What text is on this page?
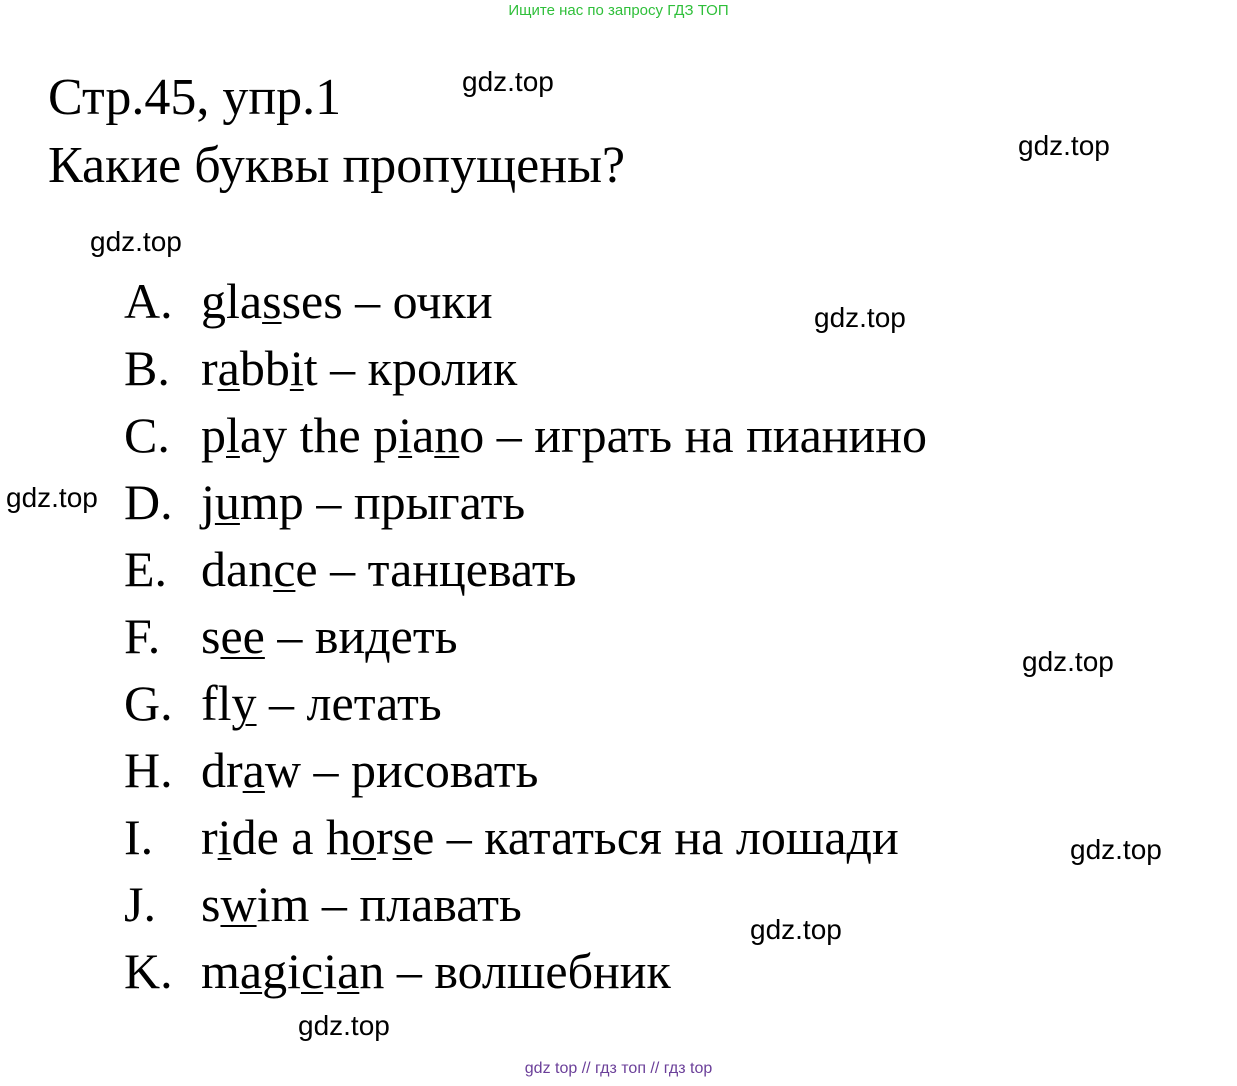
Ищите нас по запросу ГДЗ ТОП
Стр.45, упр.1
Какие буквы пропущены?
A. glasses – очки
B. rabbit – кролик
C. play the piano – играть на пианино
D. jump – прыгать
E. dance – танцевать
F. see – видеть
G. fly – летать
H. draw – рисовать
I. ride a horse – кататься на лошади
J. swim – плавать
K. magician – волшебник
gdz.top
gdz.top
gdz.top
gdz.top
gdz.top
gdz.top
gdz.top
gdz.top
gdz.top
gdz top // гдз топ // гдз top
